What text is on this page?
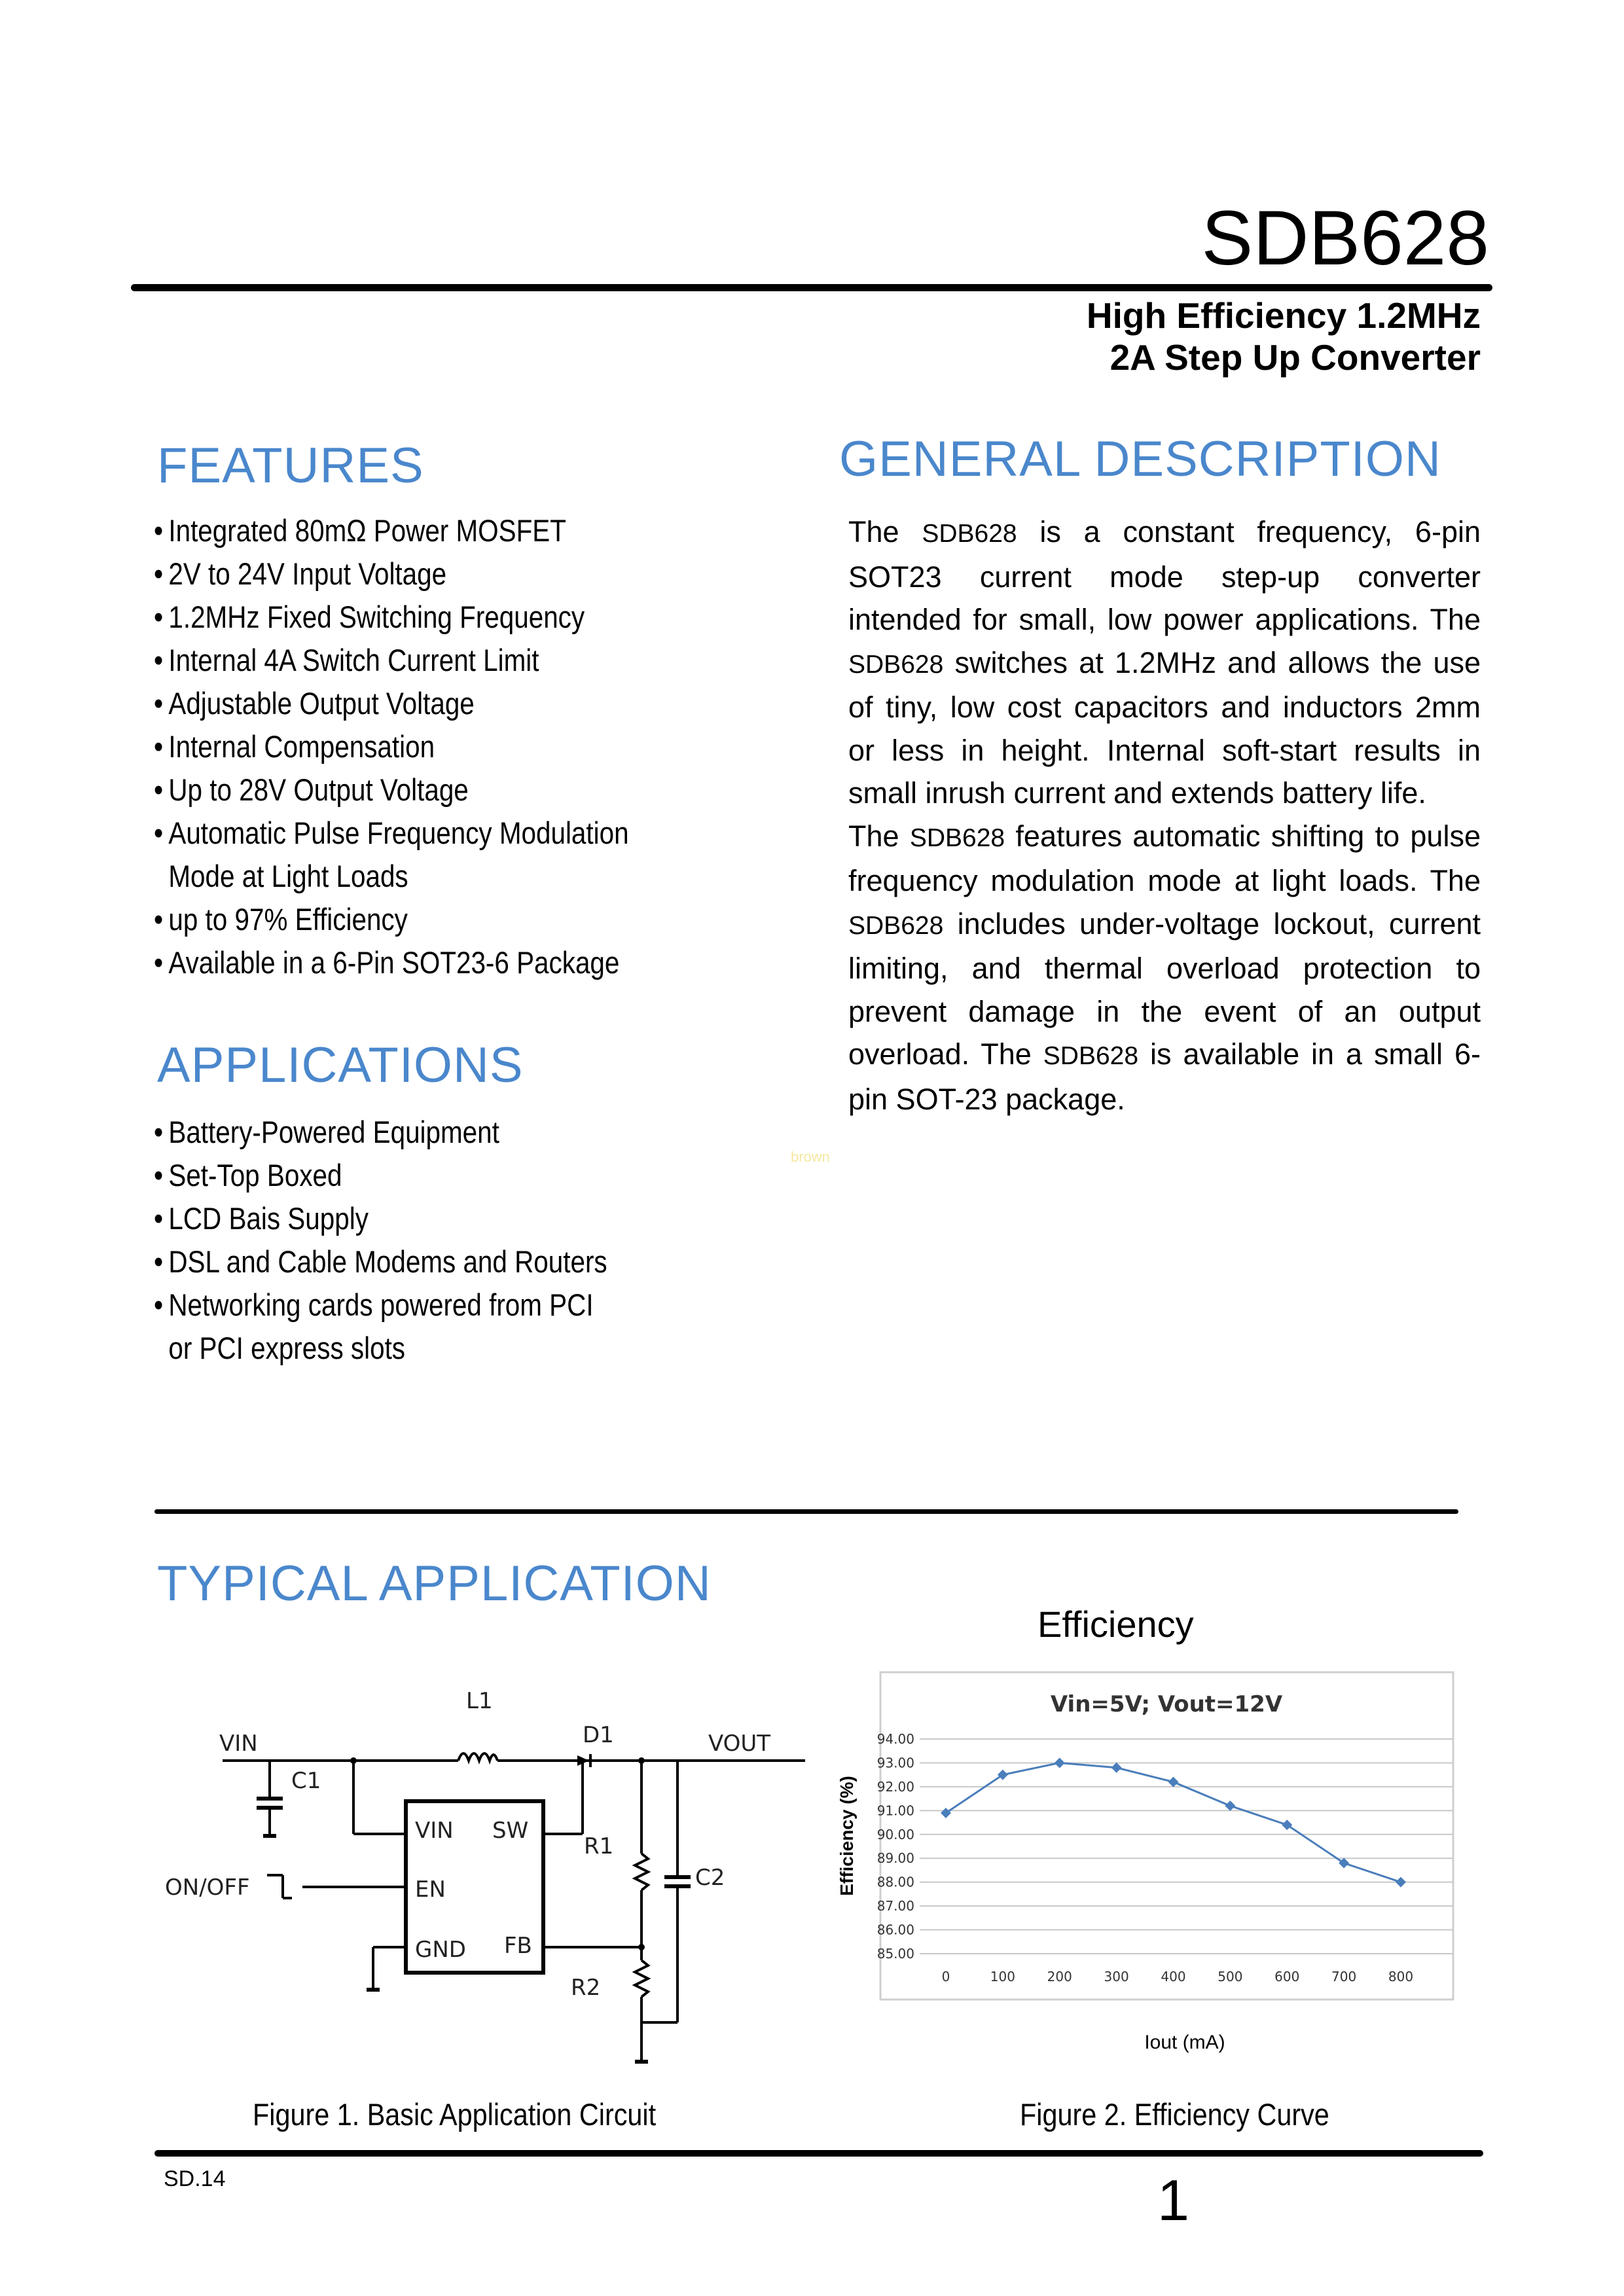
SDB628
High Efficiency 1.2MHz
2A Step Up Converter
FEATURES
• Integrated 80mΩ Power MOSFET
• 2V to 24V Input Voltage
• 1.2MHz Fixed Switching Frequency
• Internal 4A Switch Current Limit
• Adjustable Output Voltage
• Internal Compensation
• Up to 28V Output Voltage
• Automatic Pulse Frequency Modulation
Mode at Light Loads
• up to 97% Efficiency
• Available in a 6-Pin SOT23-6 Package
APPLICATIONS
• Battery-Powered Equipment
• Set-Top Boxed
• LCD Bais Supply
• DSL and Cable Modems and Routers
• Networking cards powered from PCI
or PCI express slots
GENERAL DESCRIPTION

The SDB628 is a constant frequency, 6-pin SOT23 current mode step-up converter intended for small, low power applications. The SDB628 switches at 1.2MHz and allows the use of tiny, low cost capacitors and inductors 2mm or less in height. Internal soft-start results in small inrush current and extends battery life.

The SDB628 features automatic shifting to pulse frequency modulation mode at light loads. The SDB628 includes under-voltage lockout, current limiting, and thermal overload protection to prevent damage in the event of an output overload. The SDB628 is available in a small 6-pin SOT-23 package.

brown
TYPICAL APPLICATION
Efficiency
VIN
L1
D1	VOUT
C1
R1
C2
ON/OFF
R2
VIN SW
EN
GND FB
Vin=5V; Vout=12V
94.00
93.00
92.00
91.00
90.00
89.00
88.00
87.00
86.00
85.00
0	100 200 300 400 500 600 700 800
Efficiency (%)
Iout (mA)
Figure 1. Basic Application Circuit	Figure 2. Efficiency Curve
SD.14	1
